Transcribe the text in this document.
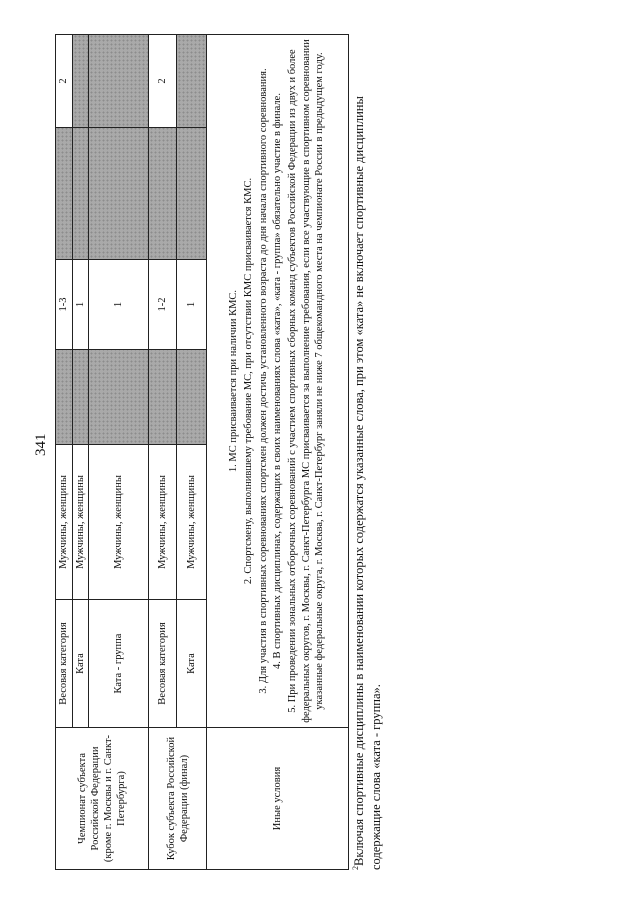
341
Чемпионат субъекта Российской Федерации (кроме г. Москвы и г. Санкт-Петербурга)	Весовая категория	Мужчины, женщины		1-3		2
	Ката	Мужчины, женщины		1		
	Ката - группа	Мужчины, женщины		1		
Кубок субъекта Российской Федерации (финал)	Весовая категория	Мужчины, женщины		1-2		2
	Ката	Мужчины, женщины		1		
Иные условия	1. МС присваивается при наличии КМС. 2. Спортсмену, выполнившему требование МС, при отсутствии КМС присваивается КМС. 3. Для участия в спортивных соревнованиях спортсмен должен достичь установленного возраста до дня начала спортивного соревнования. 4. В спортивных дисциплинах, содержащих в своих наименованиях слова «ката», «ката - группа» обязательно участие в финале. 5. При проведении зональных отборочных соревнований с участием спортивных сборных команд субъектов Российской Федерации из двух и более федеральных округов, г. Москвы, г. Санкт-Петербурга МС присваивается за выполнение требования, если все участвующие в спортивном соревновании указанные федеральные округа, г. Москва, г. Санкт-Петербург заняли не ниже 7 общекомандного места на чемпионате России в предыдущем году.					
$^2$Включая спортивные дисциплины в наименовании которых содержатся указанные слова, при этом «ката» не включает спортивные дисциплины содержащие слова «ката - группа».
